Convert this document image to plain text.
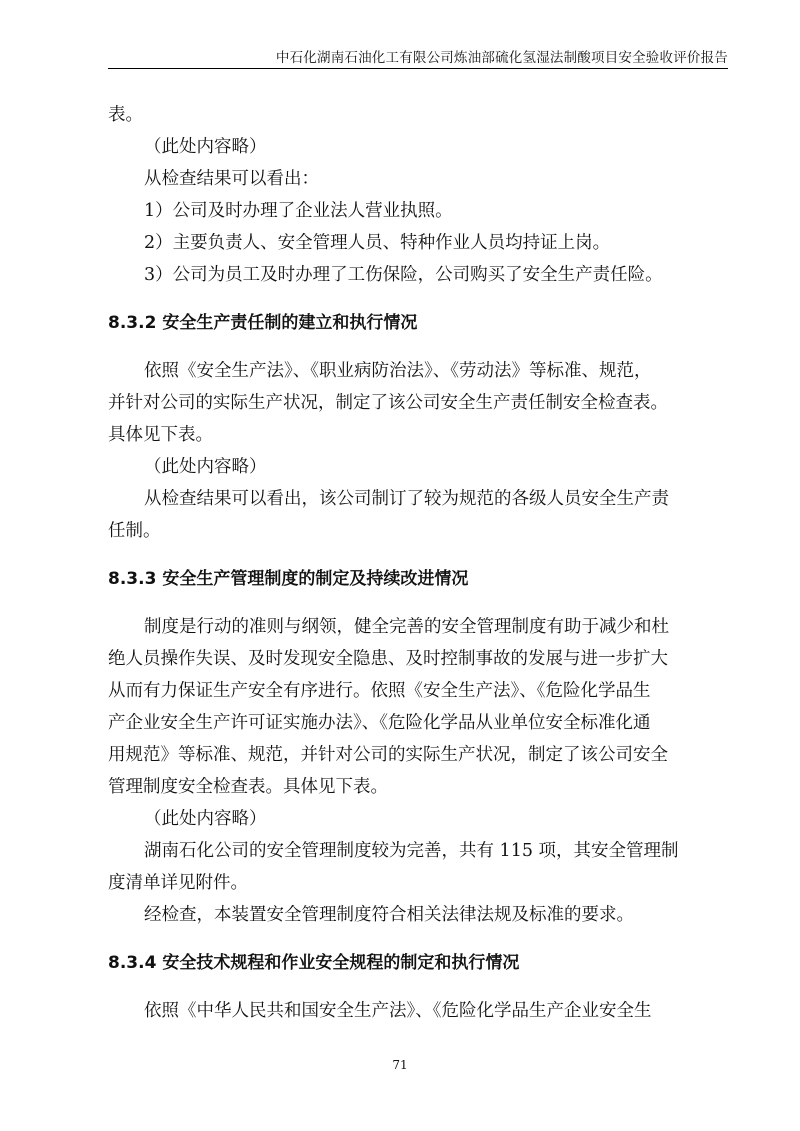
中石化湖南石油化工有限公司炼油部硫化氢湿法制酸项目安全验收评价报告

表。

（此处内容略）

从检查结果可以看出：

1）公司及时办理了企业法人营业执照。

2）主要负责人、安全管理人员、特种作业人员均持证上岗。

3）公司为员工及时办理了工伤保险，公司购买了安全生产责任险。

8.3.2 安全生产责任制的建立和执行情况

依照《安全生产法》、《职业病防治法》、《劳动法》等标准、规范，

并针对公司的实际生产状况，制定了该公司安全生产责任制安全检查表。

具体见下表。

（此处内容略）

从检查结果可以看出，该公司制订了较为规范的各级人员安全生产责

任制。

8.3.3 安全生产管理制度的制定及持续改进情况

制度是行动的准则与纲领，健全完善的安全管理制度有助于减少和杜

绝人员操作失误、及时发现安全隐患、及时控制事故的发展与进一步扩大

从而有力保证生产安全有序进行。依照《安全生产法》、《危险化学品生

产企业安全生产许可证实施办法》、《危险化学品从业单位安全标准化通

用规范》等标准、规范，并针对公司的实际生产状况，制定了该公司安全

管理制度安全检查表。具体见下表。

（此处内容略）

湖南石化公司的安全管理制度较为完善，共有 115 项，其安全管理制

度清单详见附件。

经检查，本装置安全管理制度符合相关法律法规及标准的要求。

8.3.4 安全技术规程和作业安全规程的制定和执行情况

依照《中华人民共和国安全生产法》、《危险化学品生产企业安全生

71
